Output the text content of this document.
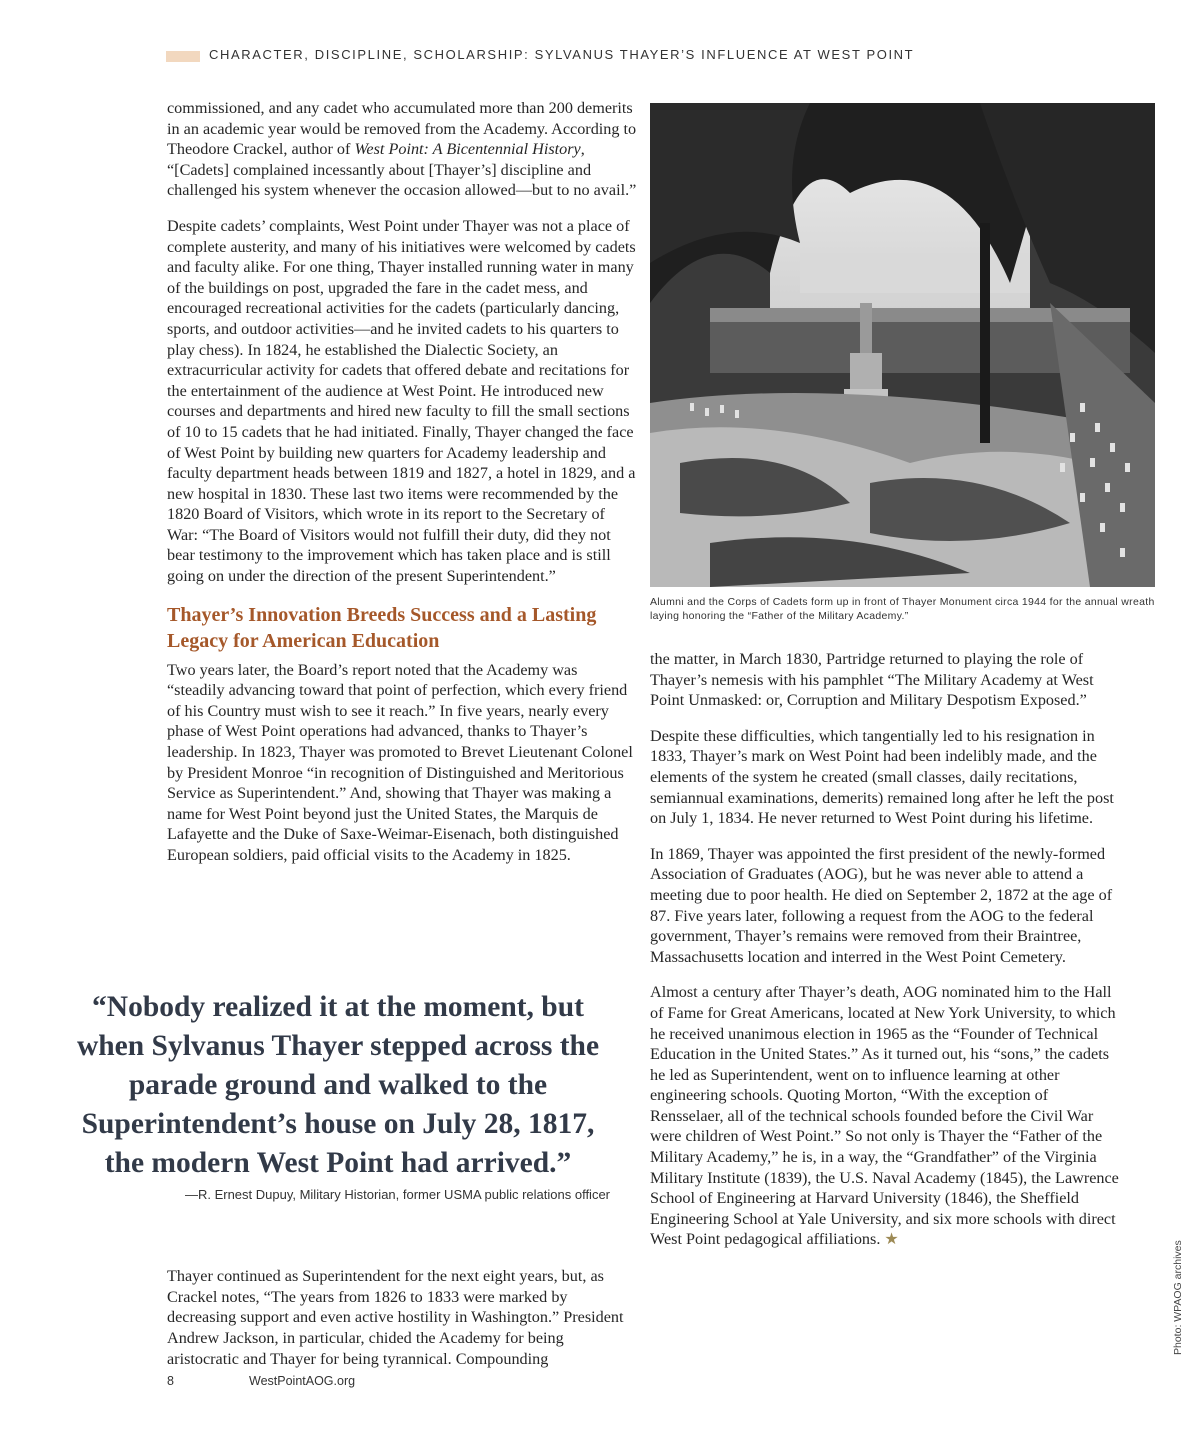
CHARACTER, DISCIPLINE, SCHOLARSHIP: SYLVANUS THAYER’S INFLUENCE AT WEST POINT

commissioned, and any cadet who accumulated more than 200 demerits in an academic year would be removed from the Academy. According to Theodore Crackel, author of West Point: A Bicentennial History, “[Cadets] complained incessantly about [Thayer’s] discipline and challenged his system whenever the occasion allowed—but to no avail.”

Despite cadets’ complaints, West Point under Thayer was not a place of complete austerity, and many of his initiatives were welcomed by cadets and faculty alike. For one thing, Thayer installed running water in many of the buildings on post, upgraded the fare in the cadet mess, and encouraged recreational activities for the cadets (particularly dancing, sports, and outdoor activities—and he invited cadets to his quarters to play chess). In 1824, he established the Dialectic Society, an extracurricular activity for cadets that offered debate and recitations for the entertainment of the audience at West Point. He introduced new courses and departments and hired new faculty to fill the small sections of 10 to 15 cadets that he had initiated. Finally, Thayer changed the face of West Point by building new quarters for Academy leadership and faculty department heads between 1819 and 1827, a hotel in 1829, and a new hospital in 1830. These last two items were recommended by the 1820 Board of Visitors, which wrote in its report to the Secretary of War: “The Board of Visitors would not fulfill their duty, did they not bear testimony to the improvement which has taken place and is still going on under the direction of the present Superintendent.”

Thayer’s Innovation Breeds Success and a Lasting Legacy for American Education

Two years later, the Board’s report noted that the Academy was “steadily advancing toward that point of perfection, which every friend of his Country must wish to see it reach.” In five years, nearly every phase of West Point operations had advanced, thanks to Thayer’s leadership. In 1823, Thayer was promoted to Brevet Lieutenant Colonel by President Monroe “in recognition of Distinguished and Meritorious Service as Superintendent.” And, showing that Thayer was making a name for West Point beyond just the United States, the Marquis de Lafayette and the Duke of Saxe-Weimar-Eisenach, both distinguished European soldiers, paid official visits to the Academy in 1825.

“Nobody realized it at the moment, but when Sylvanus Thayer stepped across the parade ground and walked to the Superintendent’s house on July 28, 1817, the modern West Point had arrived.”
—R. Ernest Dupuy, Military Historian, former USMA public relations officer

Thayer continued as Superintendent for the next eight years, but, as Crackel notes, “The years from 1826 to 1833 were marked by decreasing support and even active hostility in Washington.” President Andrew Jackson, in particular, chided the Academy for being aristocratic and Thayer for being tyrannical. Compounding

Alumni and the Corps of Cadets form up in front of Thayer Monument circa 1944 for the annual wreath laying honoring the “Father of the Military Academy.”

the matter, in March 1830, Partridge returned to playing the role of Thayer’s nemesis with his pamphlet “The Military Academy at West Point Unmasked: or, Corruption and Military Despotism Exposed.”

Despite these difficulties, which tangentially led to his resignation in 1833, Thayer’s mark on West Point had been indelibly made, and the elements of the system he created (small classes, daily recitations, semiannual examinations, demerits) remained long after he left the post on July 1, 1834. He never returned to West Point during his lifetime.

In 1869, Thayer was appointed the first president of the newly-formed Association of Graduates (AOG), but he was never able to attend a meeting due to poor health. He died on September 2, 1872 at the age of 87. Five years later, following a request from the AOG to the federal government, Thayer’s remains were removed from their Braintree, Massachusetts location and interred in the West Point Cemetery.

Almost a century after Thayer’s death, AOG nominated him to the Hall of Fame for Great Americans, located at New York University, to which he received unanimous election in 1965 as the “Founder of Technical Education in the United States.” As it turned out, his “sons,” the cadets he led as Superintendent, went on to influence learning at other engineering schools. Quoting Morton, “With the exception of Rensselaer, all of the technical schools founded before the Civil War were children of West Point.” So not only is Thayer the “Father of the Military Academy,” he is, in a way, the “Grandfather” of the Virginia Military Institute (1839), the U.S. Naval Academy (1845), the Lawrence School of Engineering at Harvard University (1846), the Sheffield Engineering School at Yale University, and six more schools with direct West Point pedagogical affiliations. ★

Photo: WPAOG archives
8	WestPointAOG.org
